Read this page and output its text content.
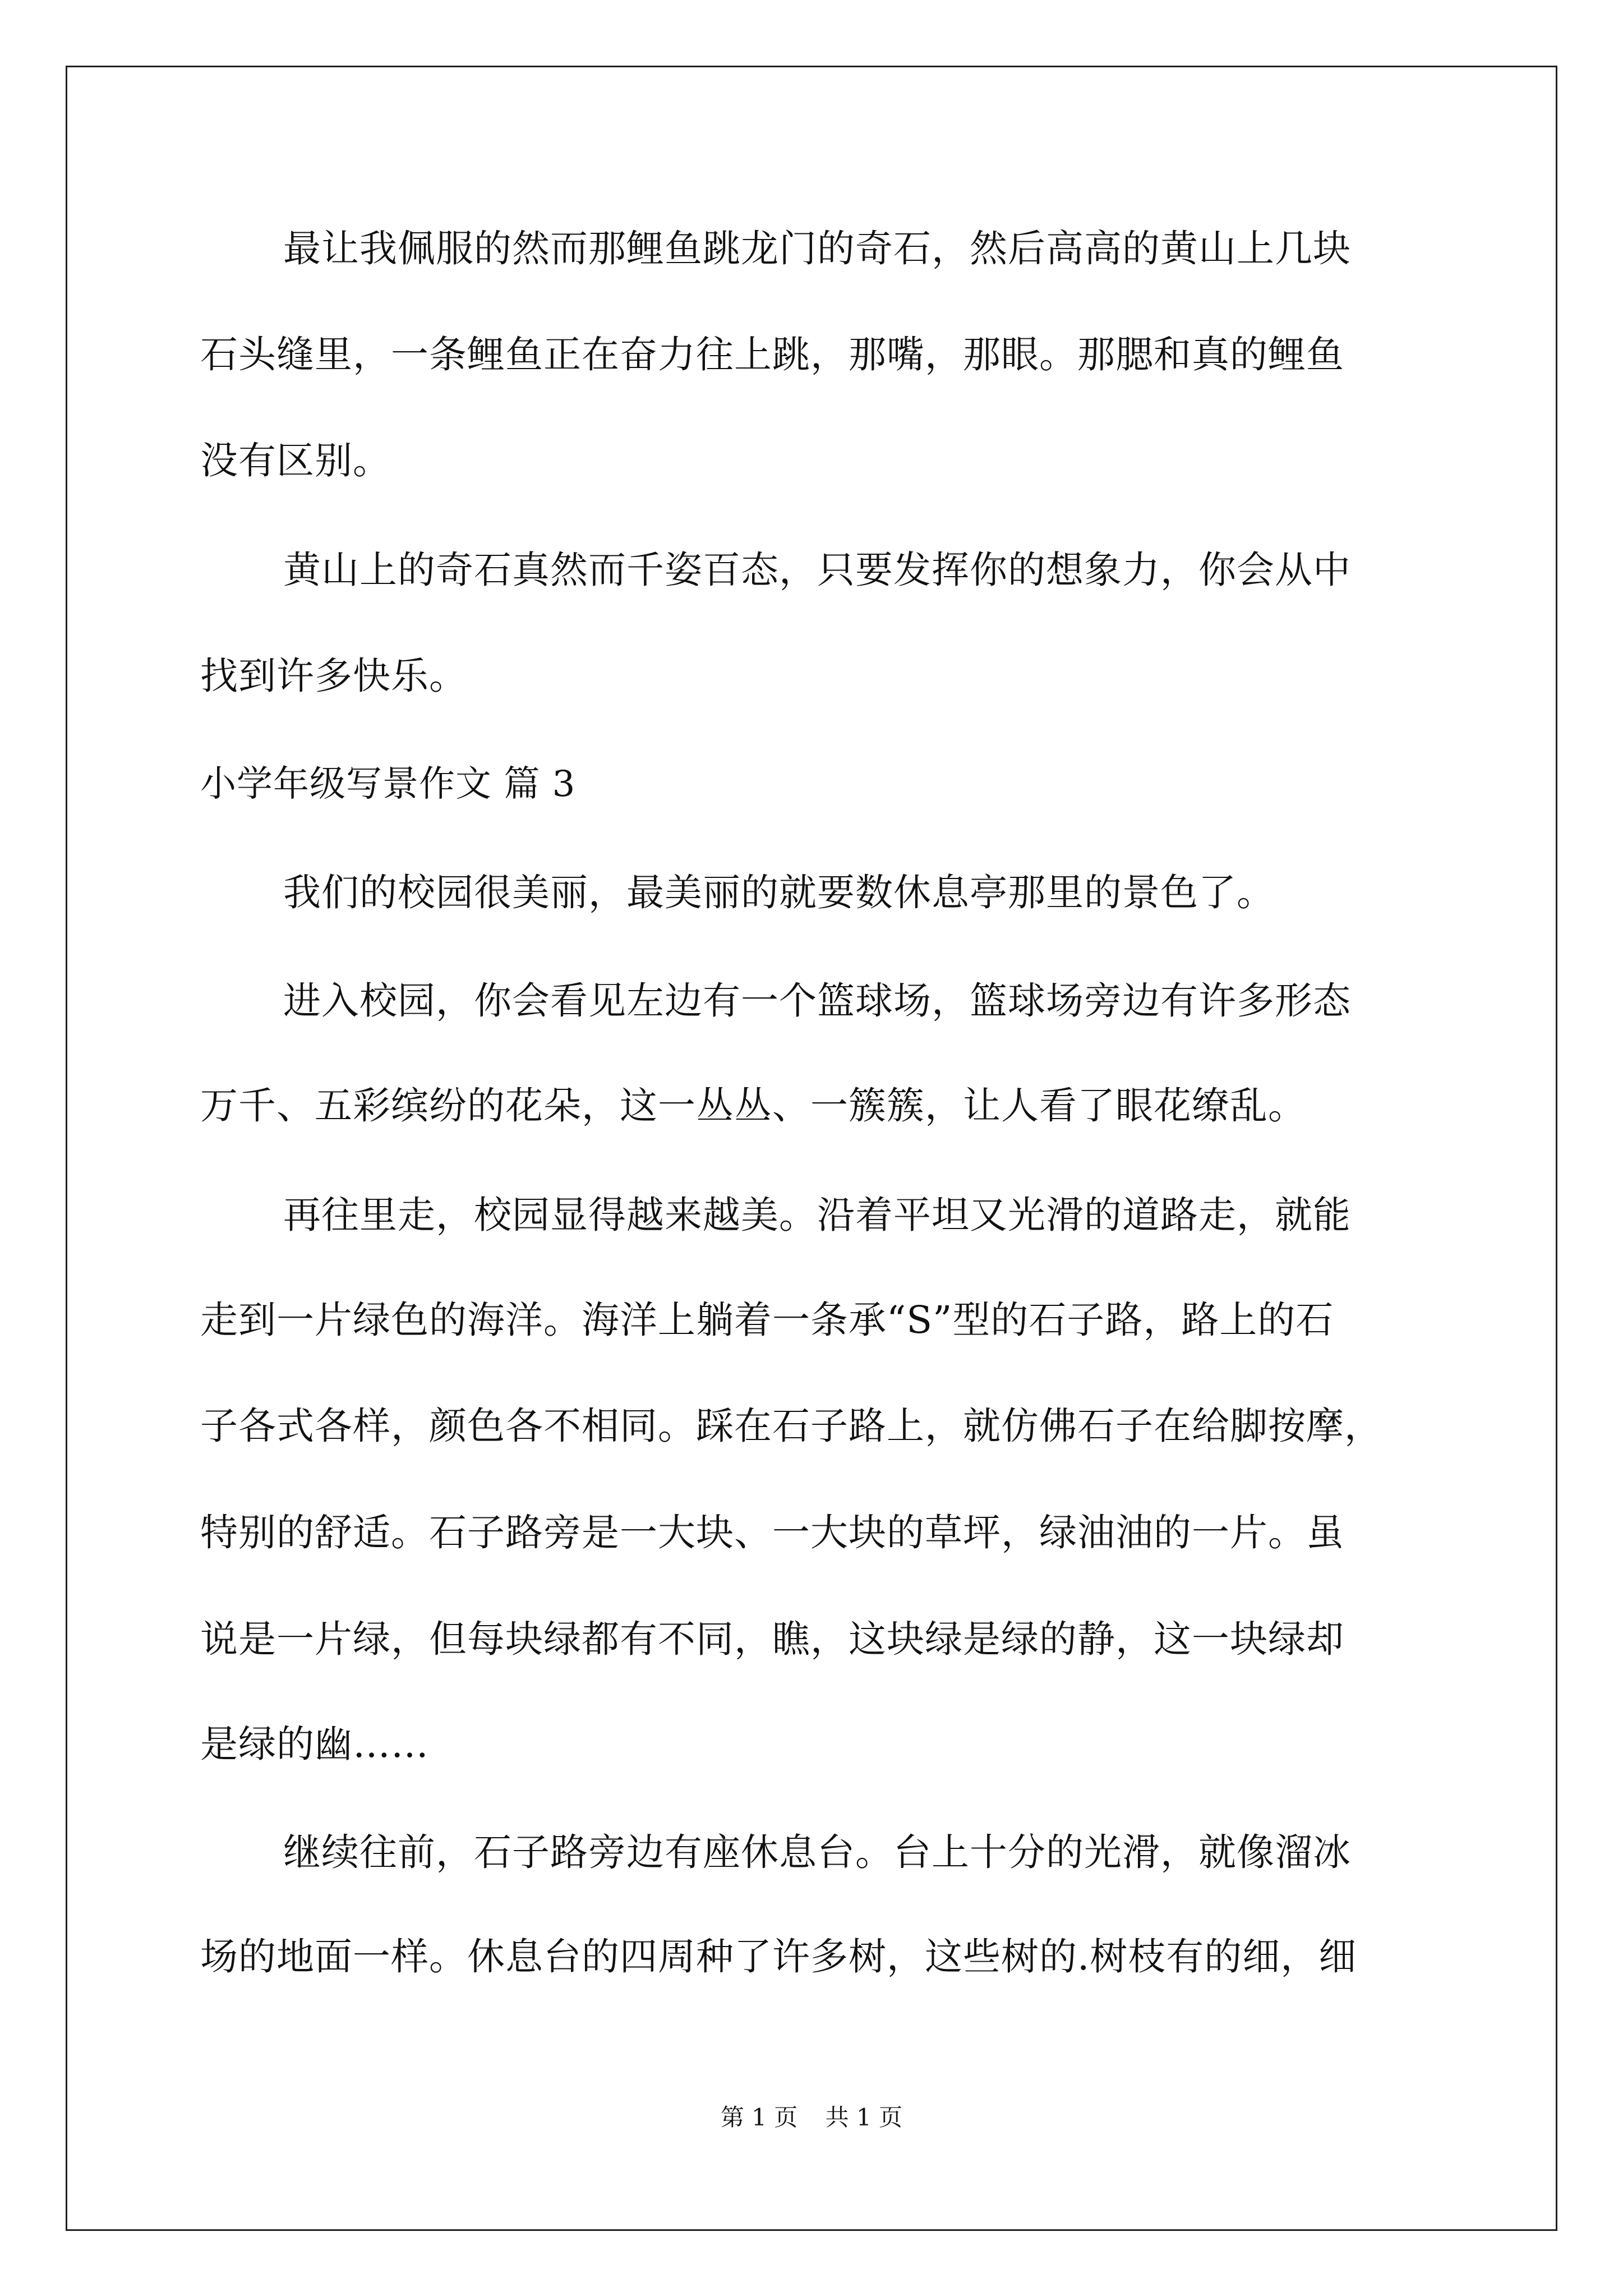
最让我佩服的然而那鲤鱼跳龙门的奇石，然后高高的黄山上几块
石头缝里，一条鲤鱼正在奋力往上跳，那嘴，那眼。那腮和真的鲤鱼
没有区别。
黄山上的奇石真然而千姿百态，只要发挥你的想象力，你会从中
找到许多快乐。
小学年级写景作文 篇 3
我们的校园很美丽，最美丽的就要数休息亭那里的景色了。
进入校园，你会看见左边有一个篮球场，篮球场旁边有许多形态
万千、五彩缤纷的花朵，这一丛丛、一簇簇，让人看了眼花缭乱。
再往里走，校园显得越来越美。沿着平坦又光滑的道路走，就能
走到一片绿色的海洋。海洋上躺着一条承“S”型的石子路，路上的石
子各式各样，颜色各不相同。踩在石子路上，就仿佛石子在给脚按摩，
特别的舒适。石子路旁是一大块、一大块的草坪，绿油油的一片。虽
说是一片绿，但每块绿都有不同，瞧，这块绿是绿的静，这一块绿却
是绿的幽……
继续往前，石子路旁边有座休息台。台上十分的光滑，就像溜冰
场的地面一样。休息台的四周种了许多树，这些树的.树枝有的细，细
第 1 页 共 1 页
